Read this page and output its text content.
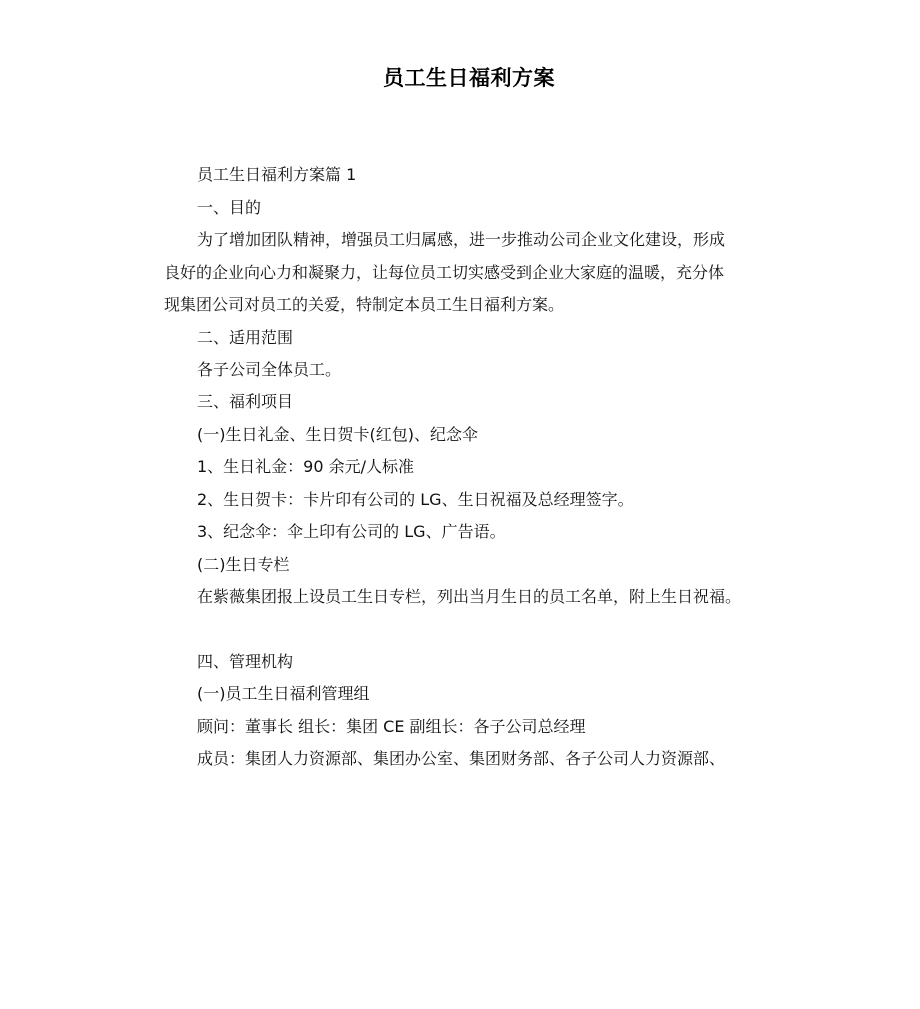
员工生日福利方案
员工生日福利方案篇 1
一、目的
为了增加团队精神，增强员工归属感，进一步推动公司企业文化建设，形成
良好的企业向心力和凝聚力，让每位员工切实感受到企业大家庭的温暖，充分体
现集团公司对员工的关爱，特制定本员工生日福利方案。
二、适用范围
各子公司全体员工。
三、福利项目
(一)生日礼金、生日贺卡(红包)、纪念伞
1、生日礼金：90 余元/人标准
2、生日贺卡：卡片印有公司的 LG、生日祝福及总经理签字。
3、纪念伞：伞上印有公司的 LG、广告语。
(二)生日专栏
在紫薇集团报上设员工生日专栏，列出当月生日的员工名单，附上生日祝福。
四、管理机构
(一)员工生日福利管理组
顾问：董事长 组长：集团 CE 副组长：各子公司总经理
成员：集团人力资源部、集团办公室、集团财务部、各子公司人力资源部、
